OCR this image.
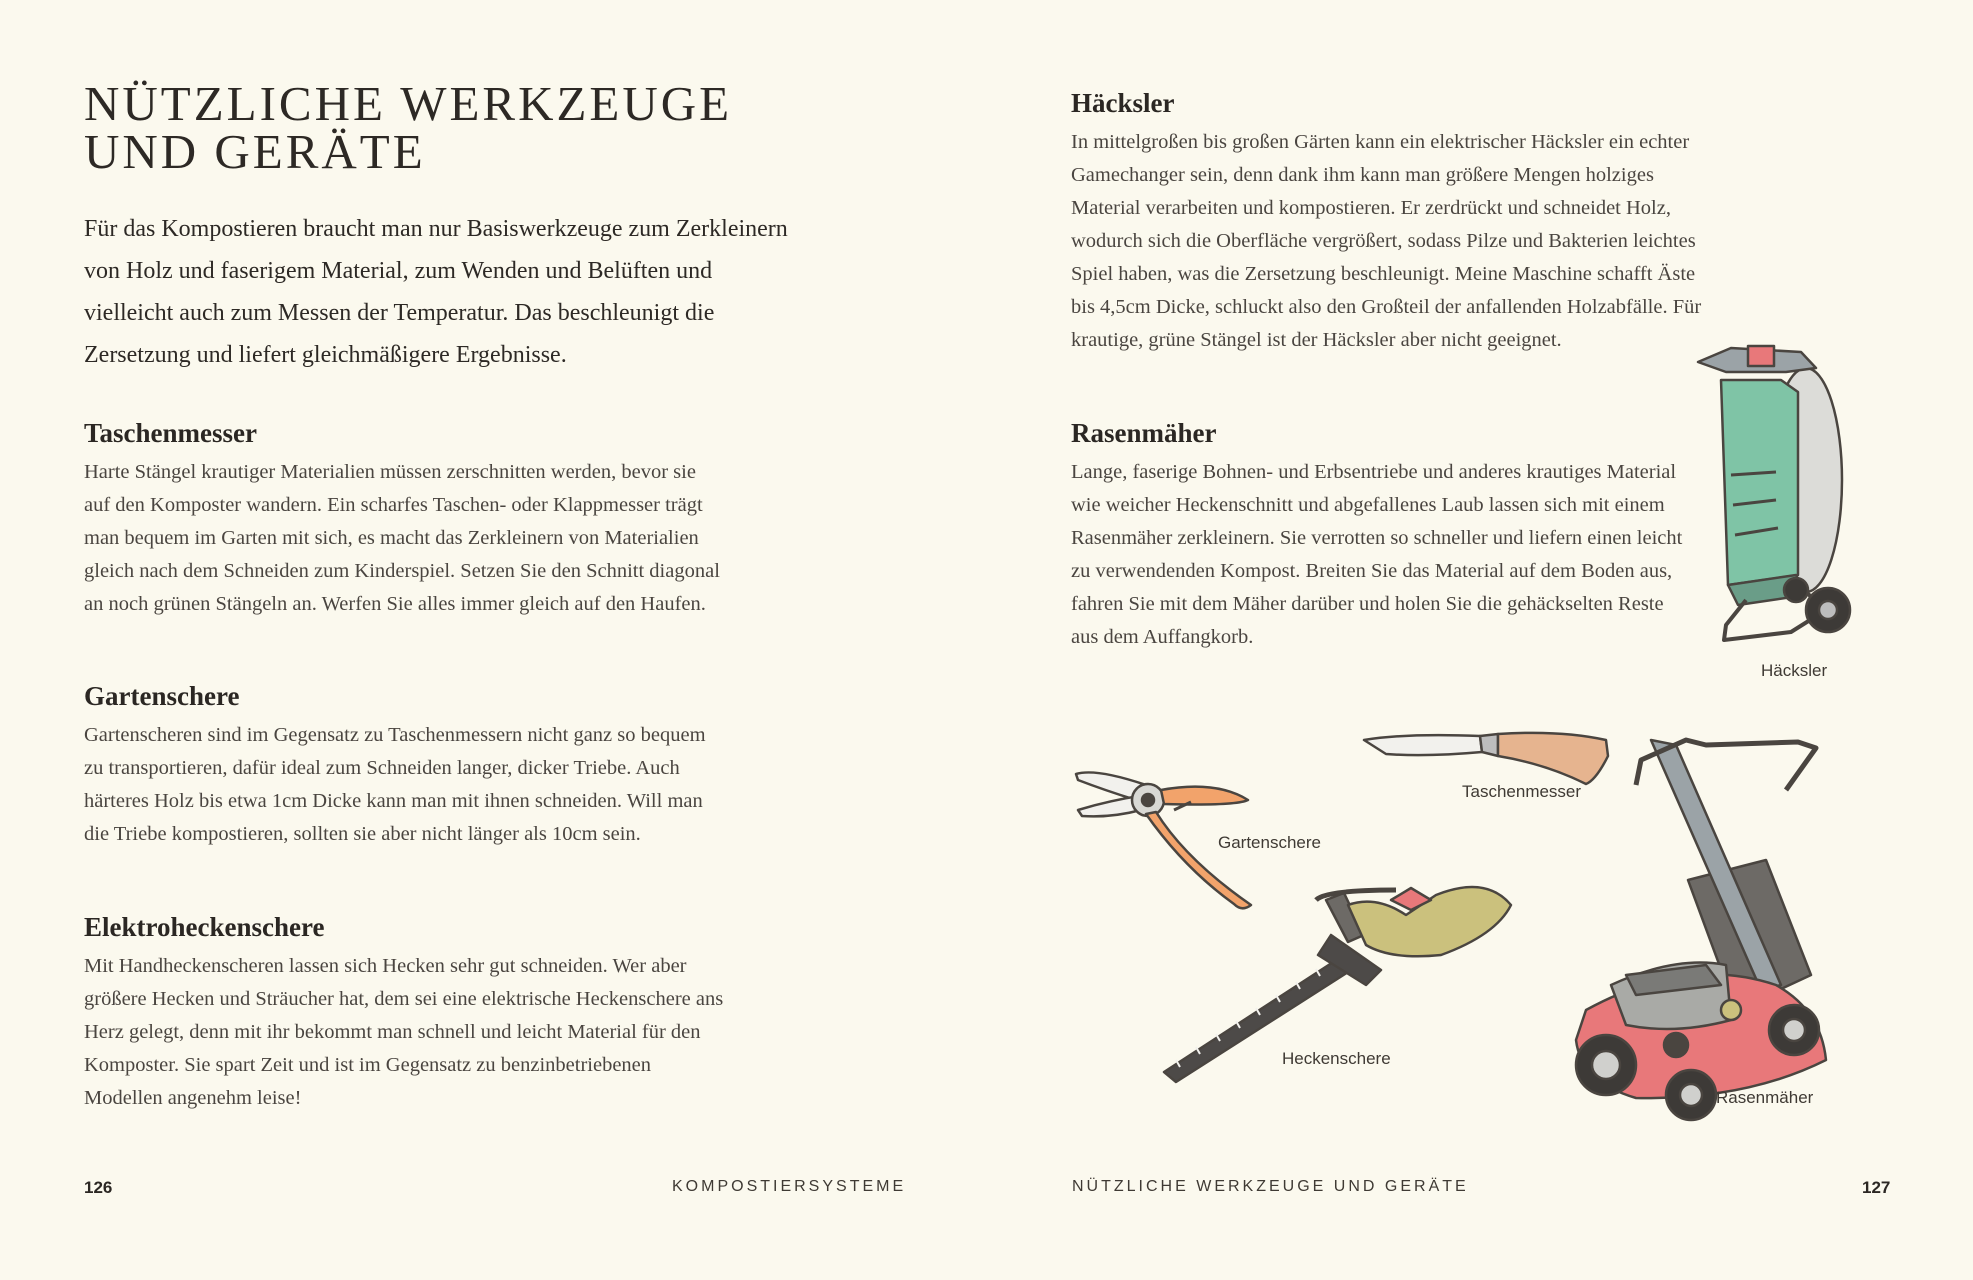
NÜTZLICHE WERKZEUGE
UND GERÄTE

Für das Kompostieren braucht man nur Basiswerkzeuge zum Zerkleinern von Holz und faserigem Material, zum Wenden und Belüften und vielleicht auch zum Messen der Temperatur. Das beschleunigt die Zersetzung und liefert gleichmäßigere Ergebnisse.

Taschenmesser

Harte Stängel krautiger Materialien müssen zerschnitten werden, bevor sie auf den Komposter wandern. Ein scharfes Taschen- oder Klappmesser trägt man bequem im Garten mit sich, es macht das Zerkleinern von Materialien gleich nach dem Schneiden zum Kinderspiel. Setzen Sie den Schnitt diagonal an noch grünen Stängeln an. Werfen Sie alles immer gleich auf den Haufen.

Gartenschere

Gartenscheren sind im Gegensatz zu Taschenmessern nicht ganz so bequem zu transportieren, dafür ideal zum Schneiden langer, dicker Triebe. Auch härteres Holz bis etwa 1cm Dicke kann man mit ihnen schneiden. Will man die Triebe kompostieren, sollten sie aber nicht länger als 10cm sein.

Elektroheckenschere

Mit Handheckenscheren lassen sich Hecken sehr gut schneiden. Wer aber größere Hecken und Sträucher hat, dem sei eine elektrische Heckenschere ans Herz gelegt, denn mit ihr bekommt man schnell und leicht Material für den Komposter. Sie spart Zeit und ist im Gegensatz zu benzinbetriebenen Modellen angenehm leise!

126	KOMPOSTIERSYSTEME
Häcksler

In mittelgroßen bis großen Gärten kann ein elektrischer Häcksler ein echter Gamechanger sein, denn dank ihm kann man größere Mengen holziges Material verarbeiten und kompostieren. Er zerdrückt und schneidet Holz, wodurch sich die Oberfläche vergrößert, sodass Pilze und Bakterien leichtes Spiel haben, was die Zersetzung beschleunigt. Meine Maschine schafft Äste bis 4,5cm Dicke, schluckt also den Großteil der anfallenden Holzabfälle. Für krautige, grüne Stängel ist der Häcksler aber nicht geeignet.

Rasenmäher

Lange, faserige Bohnen- und Erbsentriebe und anderes krautiges Material wie weicher Heckenschnitt und abgefallenes Laub lassen sich mit einem Rasenmäher zerkleinern. Sie verrotten so schneller und liefern einen leicht zu verwendenden Kompost. Breiten Sie das Material auf dem Boden aus, fahren Sie mit dem Mäher darüber und holen Sie die gehäckselten Reste aus dem Auffangkorb.

Häcksler
Taschenmesser
Gartenschere
Heckenschere
Rasenmäher
NÜTZLICHE WERKZEUGE UND GERÄTE	127
